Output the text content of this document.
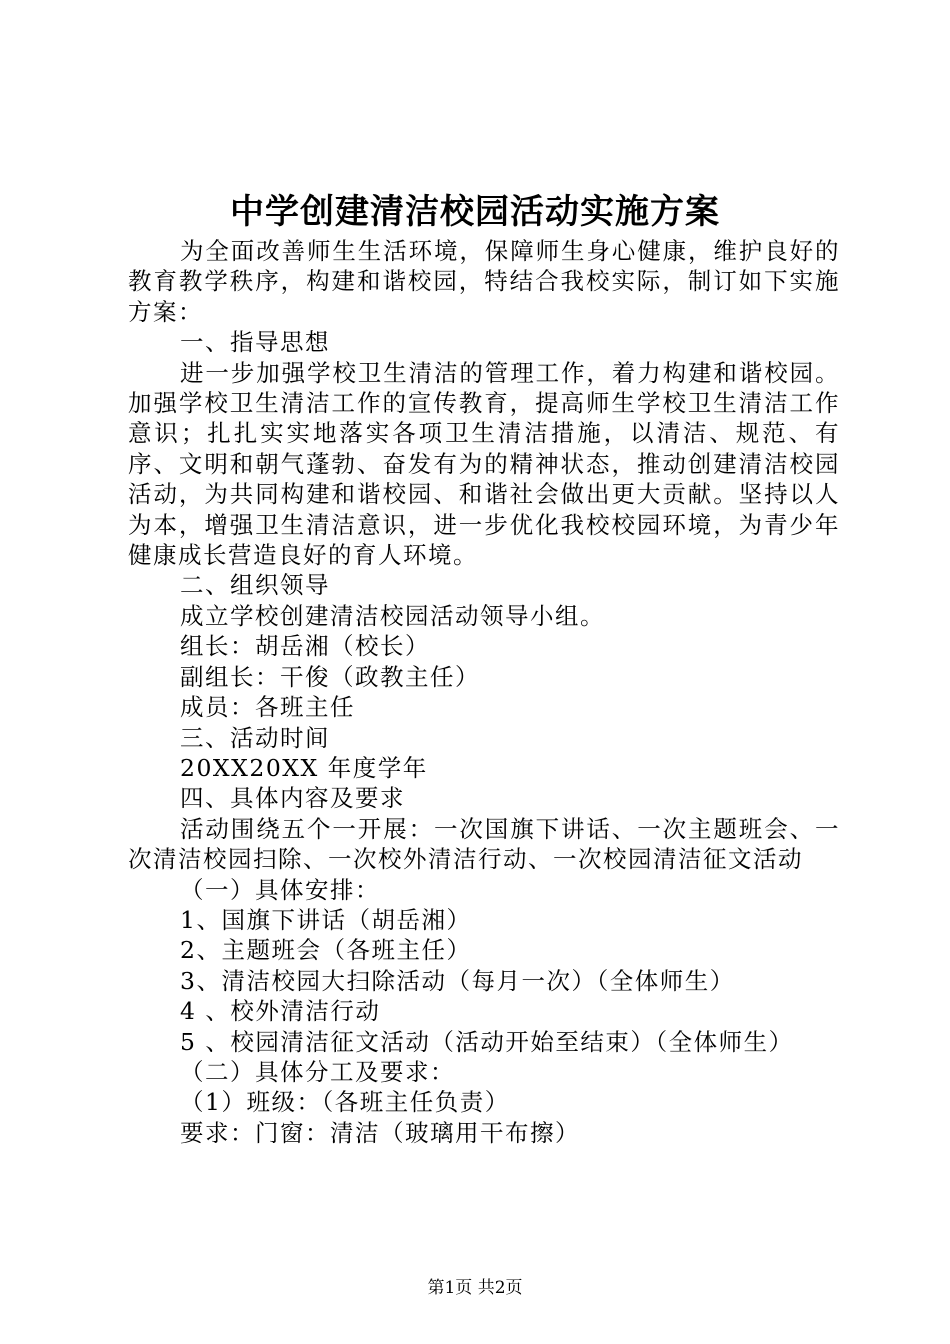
中学创建清洁校园活动实施方案

为全面改善师生生活环境，保障师生身心健康，维护良好的教育教学秩序，构建和谐校园，特结合我校实际，制订如下实施方案：

一、指导思想

进一步加强学校卫生清洁的管理工作，着力构建和谐校园。加强学校卫生清洁工作的宣传教育，提高师生学校卫生清洁工作意识；扎扎实实地落实各项卫生清洁措施，以清洁、规范、有序、文明和朝气蓬勃、奋发有为的精神状态，推动创建清洁校园活动，为共同构建和谐校园、和谐社会做出更大贡献。坚持以人为本，增强卫生清洁意识，进一步优化我校校园环境，为青少年健康成长营造良好的育人环境。

二、组织领导

成立学校创建清洁校园活动领导小组。

组长：胡岳湘（校长）

副组长：干俊（政教主任）

成员：各班主任

三、活动时间

20XX20XX 年度学年

四、具体内容及要求

活动围绕五个一开展：一次国旗下讲话、一次主题班会、一次清洁校园扫除、一次校外清洁行动、一次校园清洁征文活动

（一）具体安排：

1、国旗下讲话（胡岳湘）

2、主题班会（各班主任）

3、清洁校园大扫除活动（每月一次）（全体师生）

4 、校外清洁行动

5 、校园清洁征文活动（活动开始至结束）（全体师生）

（二）具体分工及要求：

（1）班级：（各班主任负责）

要求：门窗：清洁（玻璃用干布擦）

第1页 共2页
